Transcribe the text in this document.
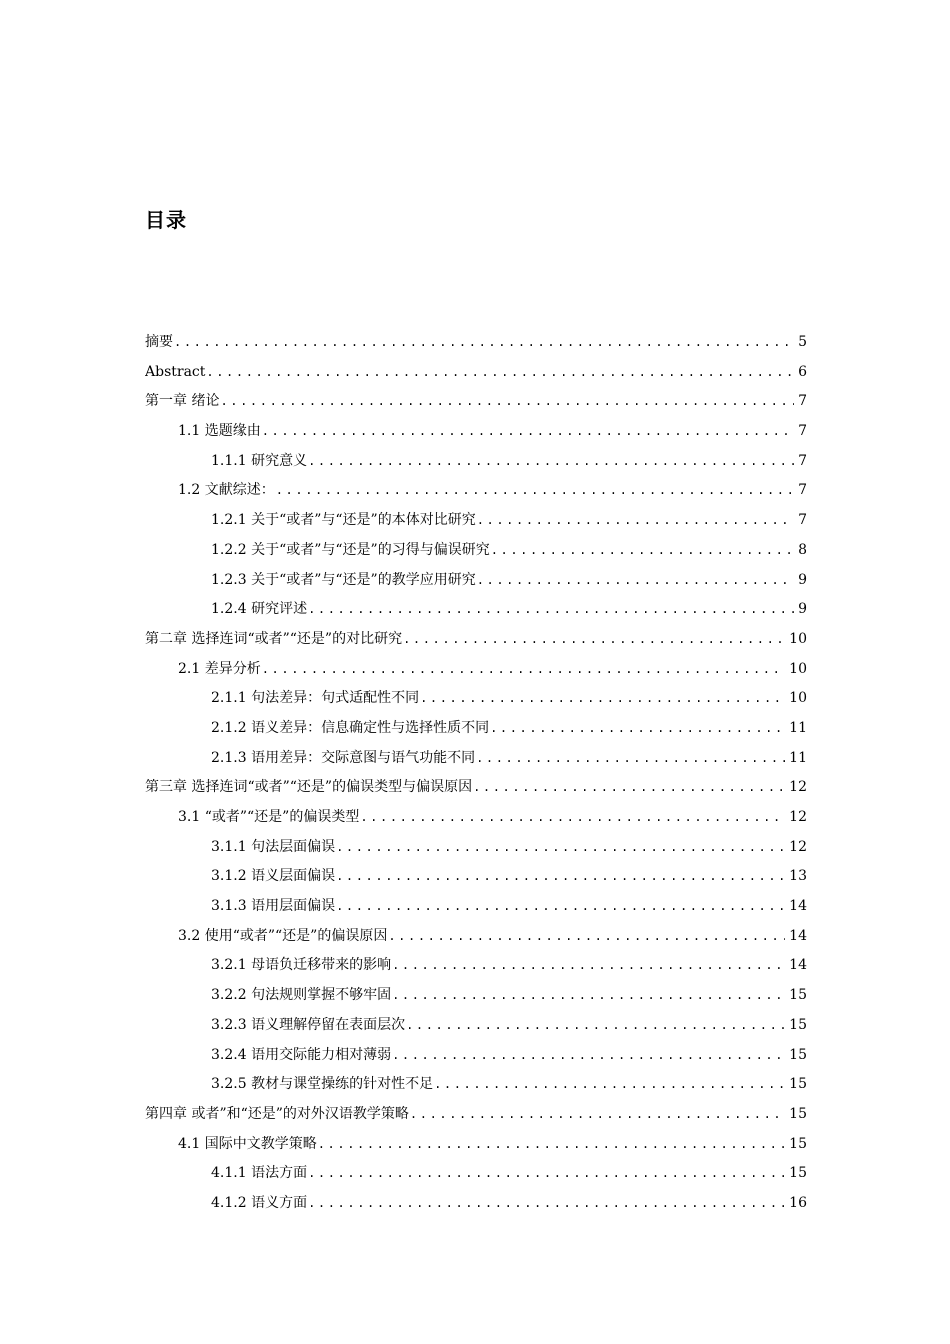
目录
摘要 .....	5
Abstract .....	6
第一章 绪论 .....	7
1.1 选题缘由 .....	7
1.1.1 研究意义 .....	7
1.2 文献综述： .....	7
1.2.1 关于“或者”与“还是”的本体对比研究 .....	7
1.2.2 关于“或者”与“还是”的习得与偏误研究 .....	8
1.2.3 关于“或者”与“还是”的教学应用研究 .....	9
1.2.4 研究评述 .....	9
第二章 选择连词“或者”“还是”的对比研究 .....	10
2.1 差异分析 .....	10
2.1.1 句法差异：句式适配性不同 .....	10
2.1.2 语义差异：信息确定性与选择性质不同 .....	11
2.1.3 语用差异：交际意图与语气功能不同 .....	11
第三章 选择连词“或者”“还是”的偏误类型与偏误原因 .....	12
3.1 “或者”“还是”的偏误类型 .....	12
3.1.1 句法层面偏误 .....	12
3.1.2 语义层面偏误 .....	13
3.1.3 语用层面偏误 .....	14
3.2 使用“或者”“还是”的偏误原因 .....	14
3.2.1 母语负迁移带来的影响 .....	14
3.2.2 句法规则掌握不够牢固 .....	15
3.2.3 语义理解停留在表面层次 .....	15
3.2.4 语用交际能力相对薄弱 .....	15
3.2.5 教材与课堂操练的针对性不足 .....	15
第四章 或者”和“还是”的对外汉语教学策略 .....	15
4.1 国际中文教学策略 .....	15
4.1.1 语法方面 .....	15
4.1.2 语义方面 .....	16
